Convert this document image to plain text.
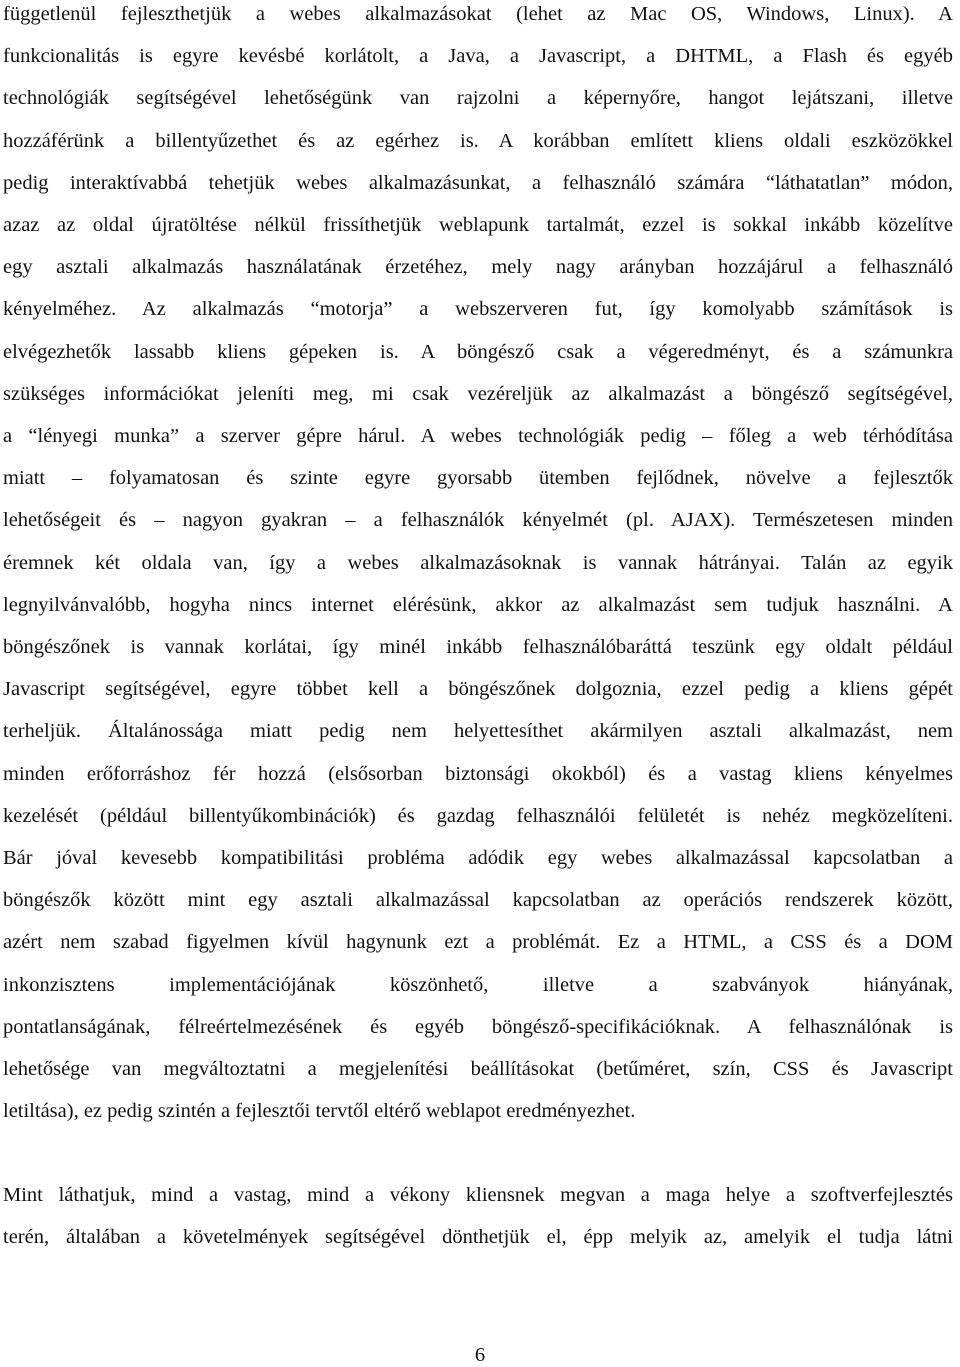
függetlenül fejleszthetjük a webes alkalmazásokat (lehet az Mac OS, Windows, Linux). A
funkcionalitás is egyre kevésbé korlátolt, a Java, a Javascript, a DHTML, a Flash és egyéb
technológiák segítségével lehetőségünk van rajzolni a képernyőre, hangot lejátszani, illetve
hozzáférünk a billentyűzethet és az egérhez is. A korábban említett kliens oldali eszközökkel
pedig interaktívabbá tehetjük webes alkalmazásunkat, a felhasználó számára “láthatatlan” módon,
azaz az oldal újratöltése nélkül frissíthetjük weblapunk tartalmát, ezzel is sokkal inkább közelítve
egy asztali alkalmazás használatának érzetéhez, mely nagy arányban hozzájárul a felhasználó
kényelméhez. Az alkalmazás “motorja” a webszerveren fut, így komolyabb számítások is
elvégezhetők lassabb kliens gépeken is. A böngésző csak a végeredményt, és a számunkra
szükséges információkat jeleníti meg, mi csak vezéreljük az alkalmazást a böngésző segítségével,
a “lényegi munka” a szerver gépre hárul. A webes technológiák pedig – főleg a web térhódítása
miatt – folyamatosan és szinte egyre gyorsabb ütemben fejlődnek, növelve a fejlesztők
lehetőségeit és – nagyon gyakran – a felhasználók kényelmét (pl. AJAX). Természetesen minden
éremnek két oldala van, így a webes alkalmazásoknak is vannak hátrányai. Talán az egyik
legnyilvánvalóbb, hogyha nincs internet elérésünk, akkor az alkalmazást sem tudjuk használni. A
böngészőnek is vannak korlátai, így minél inkább felhasználóbaráttá teszünk egy oldalt például
Javascript segítségével, egyre többet kell a böngészőnek dolgoznia, ezzel pedig a kliens gépét
terheljük. Általánossága miatt pedig nem helyettesíthet akármilyen asztali alkalmazást, nem
minden erőforráshoz fér hozzá (elsősorban biztonsági okokból) és a vastag kliens kényelmes
kezelését (például billentyűkombinációk) és gazdag felhasználói felületét is nehéz megközelíteni.
Bár jóval kevesebb kompatibilitási probléma adódik egy webes alkalmazással kapcsolatban a
böngészők között mint egy asztali alkalmazással kapcsolatban az operációs rendszerek között,
azért nem szabad figyelmen kívül hagynunk ezt a problémát. Ez a HTML, a CSS és a DOM
inkonzisztens implementációjának köszönhető, illetve a szabványok hiányának,
pontatlanságának, félreértelmezésének és egyéb böngésző-specifikációknak. A felhasználónak is
lehetősége van megváltoztatni a megjelenítési beállításokat (betűméret, szín, CSS és Javascript
letiltása), ez pedig szintén a fejlesztői tervtől eltérő weblapot eredményezhet.
Mint láthatjuk, mind a vastag, mind a vékony kliensnek megvan a maga helye a szoftverfejlesztés
terén, általában a követelmények segítségével dönthetjük el, épp melyik az, amelyik el tudja látni
6
